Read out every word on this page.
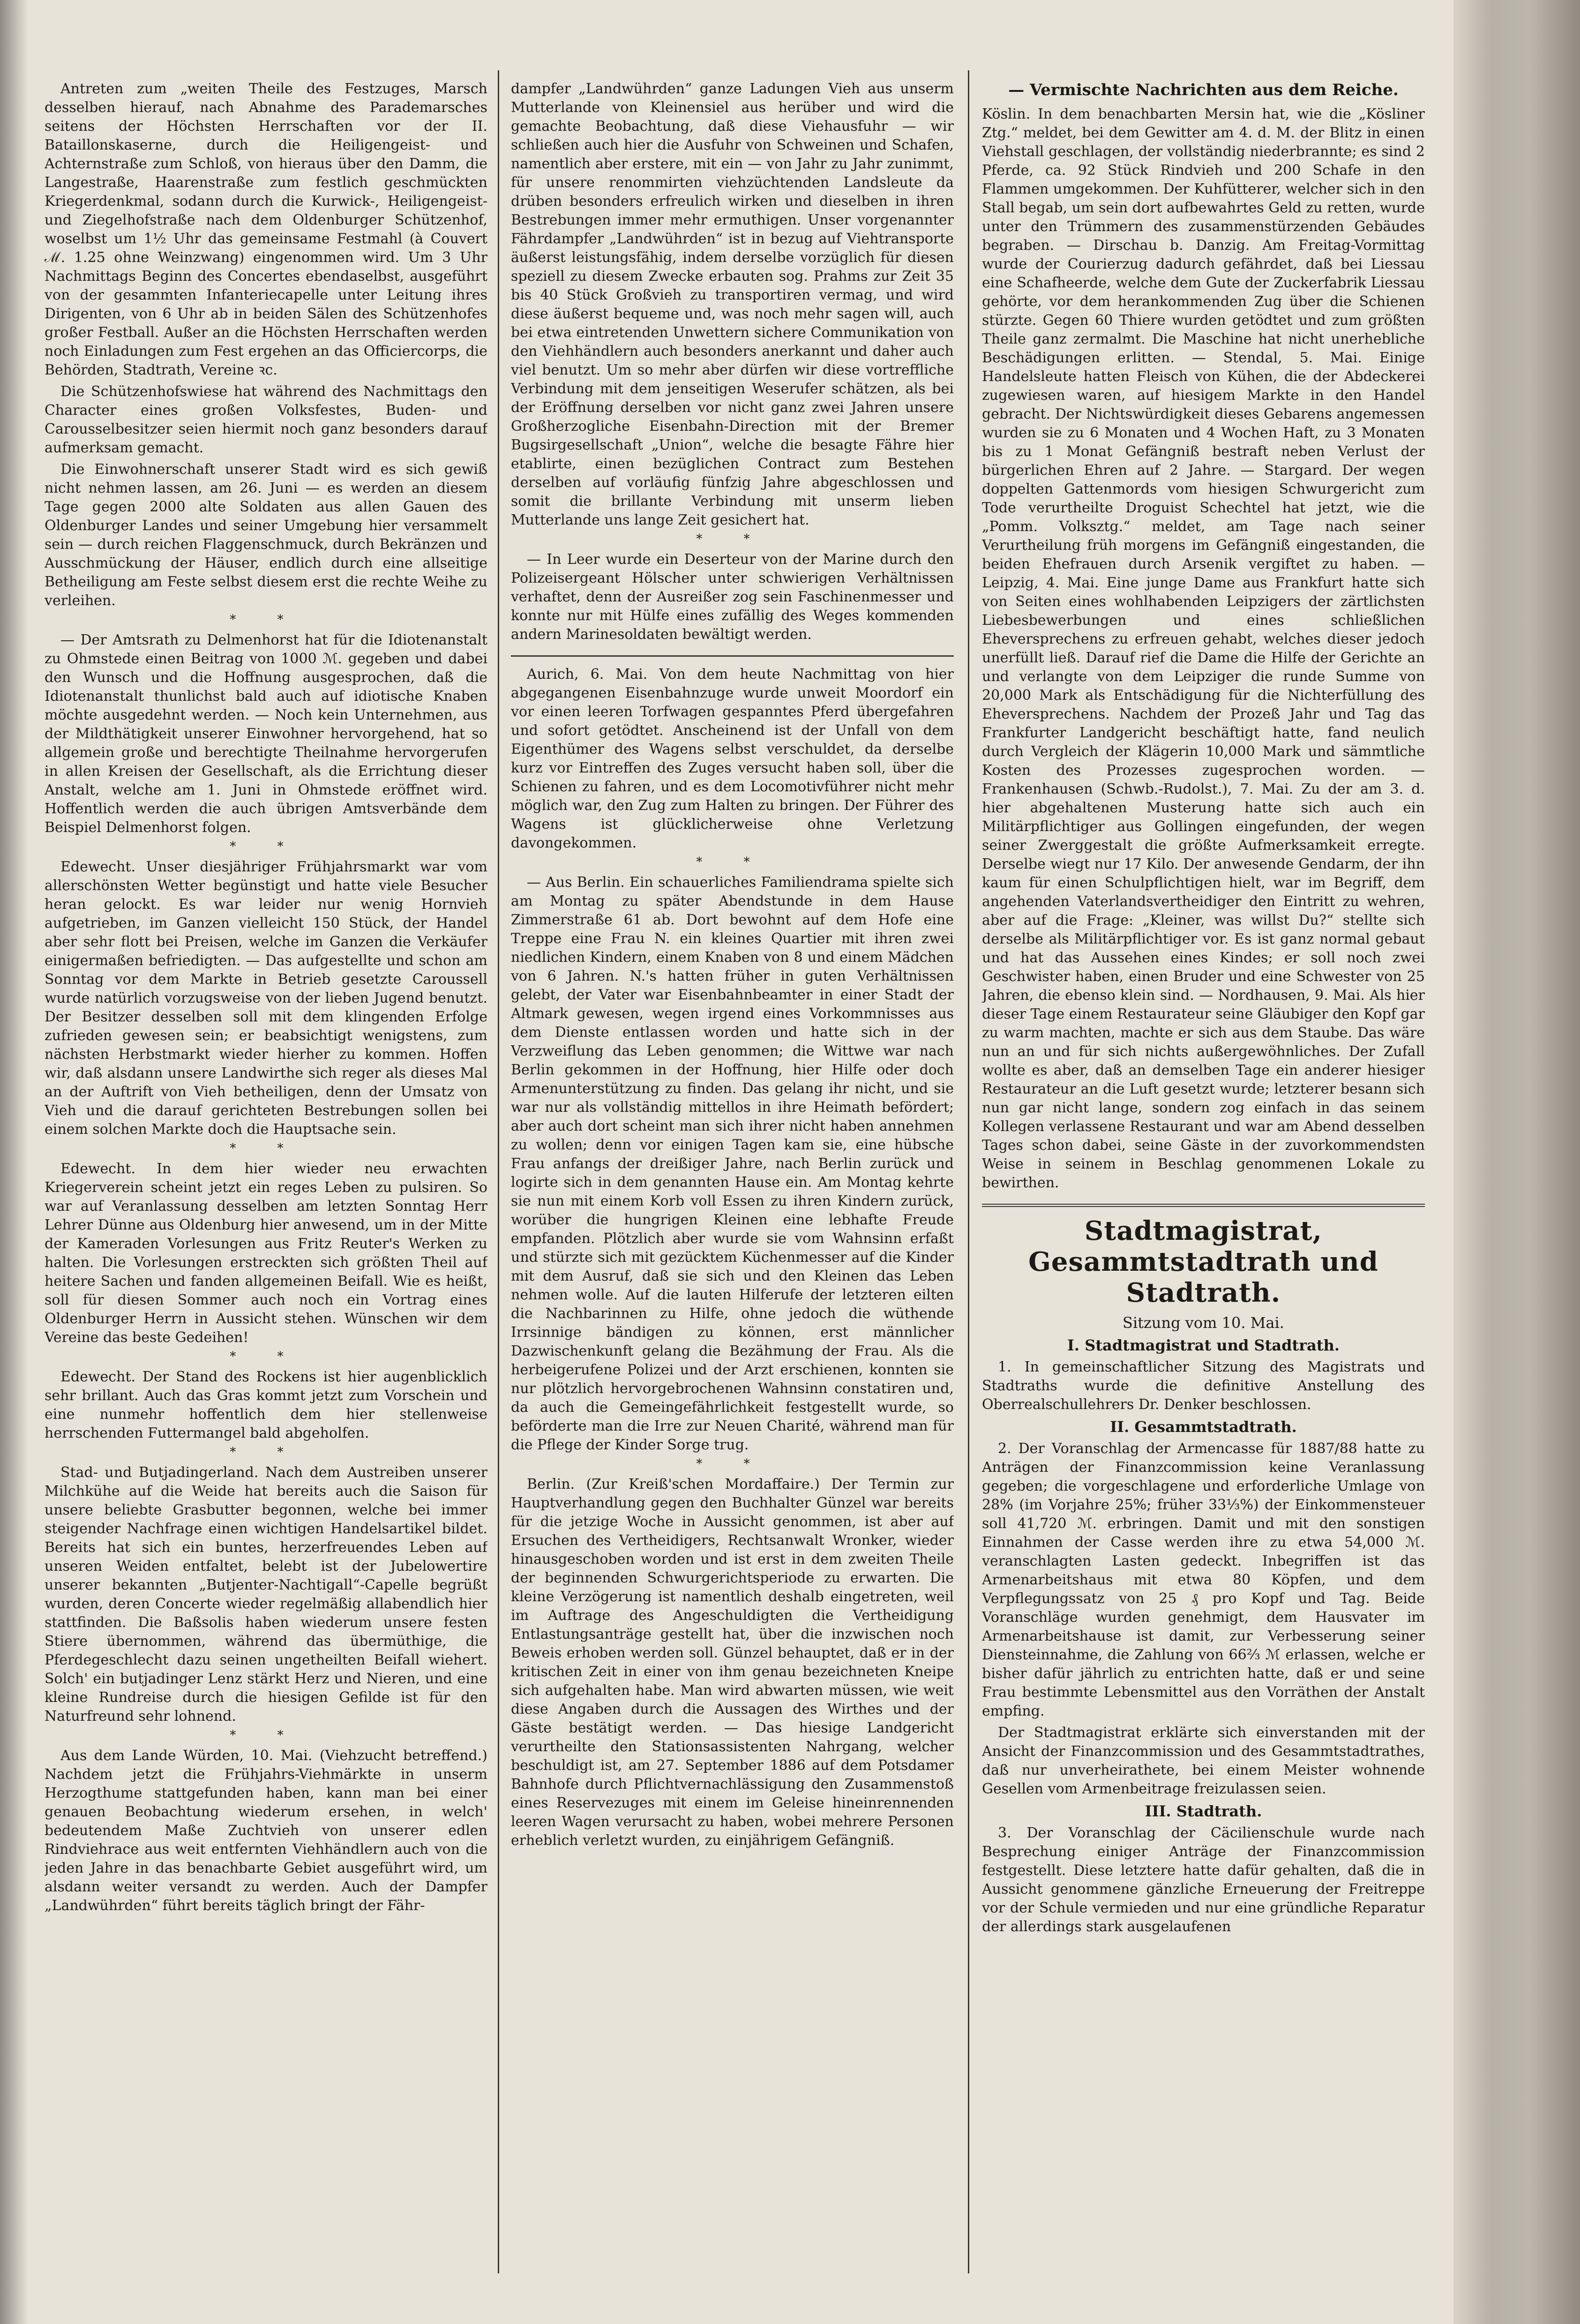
Antreten zum „weiten Theile des Festzuges, Marsch desselben hierauf, nach Abnahme des Parademarsches seitens der Höchsten Herrschaften vor der II. Bataillonskaserne, durch die Heiligengeist- und Achternstraße zum Schloß, von hieraus über den Damm, die Langestraße, Haarenstraße zum festlich geschmückten Kriegerdenkmal, sodann durch die Kurwick-, Heiligengeist- und Ziegelhofstraße nach dem Oldenburger Schützenhof, woselbst um 1½ Uhr das gemeinsame Festmahl (à Couvert ℳ. 1.25 ohne Weinzwang) eingenommen wird. Um 3 Uhr Nachmittags Beginn des Concertes ebendaselbst, ausgeführt von der gesammten Infanteriecapelle unter Leitung ihres Dirigenten, von 6 Uhr ab in beiden Sälen des Schützenhofes großer Festball. Außer an die Höchsten Herrschaften werden noch Einladungen zum Fest ergehen an das Officiercorps, die Behörden, Stadtrath, Vereine ꝛc.

Die Schützenhofswiese hat während des Nachmittags den Character eines großen Volksfestes, Buden- und Carousselbesitzer seien hiermit noch ganz besonders darauf aufmerksam gemacht.

Die Einwohnerschaft unserer Stadt wird es sich gewiß nicht nehmen lassen, am 26. Juni — es werden an diesem Tage gegen 2000 alte Soldaten aus allen Gauen des Oldenburger Landes und seiner Umgebung hier versammelt sein — durch reichen Flaggenschmuck, durch Bekränzen und Ausschmückung der Häuser, endlich durch eine allseitige Betheiligung am Feste selbst diesem erst die rechte Weihe zu verleihen.

* *

— Der Amtsrath zu Delmenhorst hat für die Idiotenanstalt zu Ohmstede einen Beitrag von 1000 ℳ. gegeben und dabei den Wunsch und die Hoffnung ausgesprochen, daß die Idiotenanstalt thunlichst bald auch auf idiotische Knaben möchte ausgedehnt werden. — Noch kein Unternehmen, aus der Mildthätigkeit unserer Einwohner hervorgehend, hat so allgemein große und berechtigte Theilnahme hervorgerufen in allen Kreisen der Gesellschaft, als die Errichtung dieser Anstalt, welche am 1. Juni in Ohmstede eröffnet wird. Hoffentlich werden die auch übrigen Amtsverbände dem Beispiel Delmenhorst folgen.

* *

Edewecht. Unser diesjähriger Frühjahrsmarkt war vom allerschönsten Wetter begünstigt und hatte viele Besucher heran gelockt. Es war leider nur wenig Hornvieh aufgetrieben, im Ganzen vielleicht 150 Stück, der Handel aber sehr flott bei Preisen, welche im Ganzen die Verkäufer einigermaßen befriedigten. — Das aufgestellte und schon am Sonntag vor dem Markte in Betrieb gesetzte Caroussell wurde natürlich vorzugsweise von der lieben Jugend benutzt. Der Besitzer desselben soll mit dem klingenden Erfolge zufrieden gewesen sein; er beabsichtigt wenigstens, zum nächsten Herbstmarkt wieder hierher zu kommen. Hoffen wir, daß alsdann unsere Landwirthe sich reger als dieses Mal an der Auftrift von Vieh betheiligen, denn der Umsatz von Vieh und die darauf gerichteten Bestrebungen sollen bei einem solchen Markte doch die Hauptsache sein.

* *

Edewecht. In dem hier wieder neu erwachten Kriegerverein scheint jetzt ein reges Leben zu pulsiren. So war auf Veranlassung desselben am letzten Sonntag Herr Lehrer Dünne aus Oldenburg hier anwesend, um in der Mitte der Kameraden Vorlesungen aus Fritz Reuter's Werken zu halten. Die Vorlesungen erstreckten sich größten Theil auf heitere Sachen und fanden allgemeinen Beifall. Wie es heißt, soll für diesen Sommer auch noch ein Vortrag eines Oldenburger Herrn in Aussicht stehen. Wünschen wir dem Vereine das beste Gedeihen!

* *

Edewecht. Der Stand des Rockens ist hier augenblicklich sehr brillant. Auch das Gras kommt jetzt zum Vorschein und eine nunmehr hoffentlich dem hier stellenweise herrschenden Futtermangel bald abgeholfen.

* *

Stad- und Butjadingerland. Nach dem Austreiben unserer Milchkühe auf die Weide hat bereits auch die Saison für unsere beliebte Grasbutter begonnen, welche bei immer steigender Nachfrage einen wichtigen Handelsartikel bildet. Bereits hat sich ein buntes, herzerfreuendes Leben auf unseren Weiden entfaltet, belebt ist der Jubelowertire unserer bekannten „Butjenter-Nachtigall“-Capelle begrüßt wurden, deren Concerte wieder regelmäßig allabendlich hier stattfinden. Die Baßsolis haben wiederum unsere festen Stiere übernommen, während das übermüthige, die Pferdegeschlecht dazu seinen ungetheilten Beifall wiehert. Solch' ein butjadinger Lenz stärkt Herz und Nieren, und eine kleine Rundreise durch die hiesigen Gefilde ist für den Naturfreund sehr lohnend.

* *

Aus dem Lande Würden, 10. Mai. (Viehzucht betreffend.) Nachdem jetzt die Frühjahrs-Viehmärkte in unserm Herzogthume stattgefunden haben, kann man bei einer genauen Beobachtung wiederum ersehen, in welch' bedeutendem Maße Zuchtvieh von unserer edlen Rindviehrace aus weit entfernten Viehhändlern auch von die jeden Jahre in das benachbarte Gebiet ausgeführt wird, um alsdann weiter versandt zu werden. Auch der Dampfer „Landwührden“ führt bereits täglich bringt der Fähr-

dampfer „Landwührden“ ganze Ladungen Vieh aus unserm Mutterlande von Kleinensiel aus herüber und wird die gemachte Beobachtung, daß diese Viehausfuhr — wir schließen auch hier die Ausfuhr von Schweinen und Schafen, namentlich aber erstere, mit ein — von Jahr zu Jahr zunimmt, für unsere renommirten viehzüchtenden Landsleute da drüben besonders erfreulich wirken und dieselben in ihren Bestrebungen immer mehr ermuthigen. Unser vorgenannter Fährdampfer „Landwührden“ ist in bezug auf Viehtransporte äußerst leistungsfähig, indem derselbe vorzüglich für diesen speziell zu diesem Zwecke erbauten sog. Prahms zur Zeit 35 bis 40 Stück Großvieh zu transportiren vermag, und wird diese äußerst bequeme und, was noch mehr sagen will, auch bei etwa eintretenden Unwettern sichere Communikation von den Viehhändlern auch besonders anerkannt und daher auch viel benutzt. Um so mehr aber dürfen wir diese vortreffliche Verbindung mit dem jenseitigen Weserufer schätzen, als bei der Eröffnung derselben vor nicht ganz zwei Jahren unsere Großherzogliche Eisenbahn-Direction mit der Bremer Bugsirgesellschaft „Union“, welche die besagte Fähre hier etablirte, einen bezüglichen Contract zum Bestehen derselben auf vorläufig fünfzig Jahre abgeschlossen und somit die brillante Verbindung mit unserm lieben Mutterlande uns lange Zeit gesichert hat.

* *

— In Leer wurde ein Deserteur von der Marine durch den Polizeisergeant Hölscher unter schwierigen Verhältnissen verhaftet, denn der Ausreißer zog sein Faschinenmesser und konnte nur mit Hülfe eines zufällig des Weges kommenden andern Marinesoldaten bewältigt werden.

Aurich, 6. Mai. Von dem heute Nachmittag von hier abgegangenen Eisenbahnzuge wurde unweit Moordorf ein vor einen leeren Torfwagen gespanntes Pferd übergefahren und sofort getödtet. Anscheinend ist der Unfall von dem Eigenthümer des Wagens selbst verschuldet, da derselbe kurz vor Eintreffen des Zuges versucht haben soll, über die Schienen zu fahren, und es dem Locomotivführer nicht mehr möglich war, den Zug zum Halten zu bringen. Der Führer des Wagens ist glücklicherweise ohne Verletzung davongekommen.

* *

— Aus Berlin. Ein schauerliches Familiendrama spielte sich am Montag zu später Abendstunde in dem Hause Zimmerstraße 61 ab. Dort bewohnt auf dem Hofe eine Treppe eine Frau N. ein kleines Quartier mit ihren zwei niedlichen Kindern, einem Knaben von 8 und einem Mädchen von 6 Jahren. N.'s hatten früher in guten Verhältnissen gelebt, der Vater war Eisenbahnbeamter in einer Stadt der Altmark gewesen, wegen irgend eines Vorkommnisses aus dem Dienste entlassen worden und hatte sich in der Verzweiflung das Leben genommen; die Wittwe war nach Berlin gekommen in der Hoffnung, hier Hilfe oder doch Armenunterstützung zu finden. Das gelang ihr nicht, und sie war nur als vollständig mittellos in ihre Heimath befördert; aber auch dort scheint man sich ihrer nicht haben annehmen zu wollen; denn vor einigen Tagen kam sie, eine hübsche Frau anfangs der dreißiger Jahre, nach Berlin zurück und logirte sich in dem genannten Hause ein. Am Montag kehrte sie nun mit einem Korb voll Essen zu ihren Kindern zurück, worüber die hungrigen Kleinen eine lebhafte Freude empfanden. Plötzlich aber wurde sie vom Wahnsinn erfaßt und stürzte sich mit gezücktem Küchenmesser auf die Kinder mit dem Ausruf, daß sie sich und den Kleinen das Leben nehmen wolle. Auf die lauten Hilferufe der letzteren eilten die Nachbarinnen zu Hilfe, ohne jedoch die wüthende Irrsinnige bändigen zu können, erst männlicher Dazwischenkunft gelang die Bezähmung der Frau. Als die herbeigerufene Polizei und der Arzt erschienen, konnten sie nur plötzlich hervorgebrochenen Wahnsinn constatiren und, da auch die Gemeingefährlichkeit festgestellt wurde, so beförderte man die Irre zur Neuen Charité, während man für die Pflege der Kinder Sorge trug.

* *

Berlin. (Zur Kreiß'schen Mordaffaire.) Der Termin zur Hauptverhandlung gegen den Buchhalter Günzel war bereits für die jetzige Woche in Aussicht genommen, ist aber auf Ersuchen des Vertheidigers, Rechtsanwalt Wronker, wieder hinausgeschoben worden und ist erst in dem zweiten Theile der beginnenden Schwurgerichtsperiode zu erwarten. Die kleine Verzögerung ist namentlich deshalb eingetreten, weil im Auftrage des Angeschuldigten die Vertheidigung Entlastungsanträge gestellt hat, über die inzwischen noch Beweis erhoben werden soll. Günzel behauptet, daß er in der kritischen Zeit in einer von ihm genau bezeichneten Kneipe sich aufgehalten habe. Man wird abwarten müssen, wie weit diese Angaben durch die Aussagen des Wirthes und der Gäste bestätigt werden. — Das hiesige Landgericht verurtheilte den Stationsassistenten Nahrgang, welcher beschuldigt ist, am 27. September 1886 auf dem Potsdamer Bahnhofe durch Pflichtvernachlässigung den Zusammenstoß eines Reservezuges mit einem im Geleise hineinrennenden leeren Wagen verursacht zu haben, wobei mehrere Personen erheblich verletzt wurden, zu einjährigem Gefängniß.

— Vermischte Nachrichten aus dem Reiche.

Köslin. In dem benachbarten Mersin hat, wie die „Kösliner Ztg.“ meldet, bei dem Gewitter am 4. d. M. der Blitz in einen Viehstall geschlagen, der vollständig niederbrannte; es sind 2 Pferde, ca. 92 Stück Rindvieh und 200 Schafe in den Flammen umgekommen. Der Kuhfütterer, welcher sich in den Stall begab, um sein dort aufbewahrtes Geld zu retten, wurde unter den Trümmern des zusammenstürzenden Gebäudes begraben. — Dirschau b. Danzig. Am Freitag-Vormittag wurde der Courierzug dadurch gefährdet, daß bei Liessau eine Schafheerde, welche dem Gute der Zuckerfabrik Liessau gehörte, vor dem herankommenden Zug über die Schienen stürzte. Gegen 60 Thiere wurden getödtet und zum größten Theile ganz zermalmt. Die Maschine hat nicht unerhebliche Beschädigungen erlitten. — Stendal, 5. Mai. Einige Handelsleute hatten Fleisch von Kühen, die der Abdeckerei zugewiesen waren, auf hiesigem Markte in den Handel gebracht. Der Nichtswürdigkeit dieses Gebarens angemessen wurden sie zu 6 Monaten und 4 Wochen Haft, zu 3 Monaten bis zu 1 Monat Gefängniß bestraft neben Verlust der bürgerlichen Ehren auf 2 Jahre. — Stargard. Der wegen doppelten Gattenmords vom hiesigen Schwurgericht zum Tode verurtheilte Droguist Schechtel hat jetzt, wie die „Pomm. Volksztg.“ meldet, am Tage nach seiner Verurtheilung früh morgens im Gefängniß eingestanden, die beiden Ehefrauen durch Arsenik vergiftet zu haben. — Leipzig, 4. Mai. Eine junge Dame aus Frankfurt hatte sich von Seiten eines wohlhabenden Leipzigers der zärtlichsten Liebesbewerbungen und eines schließlichen Eheversprechens zu erfreuen gehabt, welches dieser jedoch unerfüllt ließ. Darauf rief die Dame die Hilfe der Gerichte an und verlangte von dem Leipziger die runde Summe von 20,000 Mark als Entschädigung für die Nichterfüllung des Eheversprechens. Nachdem der Prozeß Jahr und Tag das Frankfurter Landgericht beschäftigt hatte, fand neulich durch Vergleich der Klägerin 10,000 Mark und sämmtliche Kosten des Prozesses zugesprochen worden. — Frankenhausen (Schwb.-Rudolst.), 7. Mai. Zu der am 3. d. hier abgehaltenen Musterung hatte sich auch ein Militärpflichtiger aus Gollingen eingefunden, der wegen seiner Zwerggestalt die größte Aufmerksamkeit erregte. Derselbe wiegt nur 17 Kilo. Der anwesende Gendarm, der ihn kaum für einen Schulpflichtigen hielt, war im Begriff, dem angehenden Vaterlandsvertheidiger den Eintritt zu wehren, aber auf die Frage: „Kleiner, was willst Du?“ stellte sich derselbe als Militärpflichtiger vor. Es ist ganz normal gebaut und hat das Aussehen eines Kindes; er soll noch zwei Geschwister haben, einen Bruder und eine Schwester von 25 Jahren, die ebenso klein sind. — Nordhausen, 9. Mai. Als hier dieser Tage einem Restaurateur seine Gläubiger den Kopf gar zu warm machten, machte er sich aus dem Staube. Das wäre nun an und für sich nichts außergewöhnliches. Der Zufall wollte es aber, daß an demselben Tage ein anderer hiesiger Restaurateur an die Luft gesetzt wurde; letzterer besann sich nun gar nicht lange, sondern zog einfach in das seinem Kollegen verlassene Restaurant und war am Abend desselben Tages schon dabei, seine Gäste in der zuvorkommendsten Weise in seinem in Beschlag genommenen Lokale zu bewirthen.

Stadtmagistrat, Gesammtstadtrath und Stadtrath.
Sitzung vom 10. Mai.
I. Stadtmagistrat und Stadtrath.

1. In gemeinschaftlicher Sitzung des Magistrats und Stadtraths wurde die definitive Anstellung des Oberrealschullehrers Dr. Denker beschlossen.

II. Gesammtstadtrath.

2. Der Voranschlag der Armencasse für 1887/88 hatte zu Anträgen der Finanzcommission keine Veranlassung gegeben; die vorgeschlagene und erforderliche Umlage von 28% (im Vorjahre 25%; früher 33⅓%) der Einkommensteuer soll 41,720 ℳ. erbringen. Damit und mit den sonstigen Einnahmen der Casse werden ihre zu etwa 54,000 ℳ. veranschlagten Lasten gedeckt. Inbegriffen ist das Armenarbeitshaus mit etwa 80 Köpfen, und dem Verpflegungssatz von 25 ₰ pro Kopf und Tag. Beide Voranschläge wurden genehmigt, dem Hausvater im Armenarbeitshause ist damit, zur Verbesserung seiner Diensteinnahme, die Zahlung von 66⅔ ℳ erlassen, welche er bisher dafür jährlich zu entrichten hatte, daß er und seine Frau bestimmte Lebensmittel aus den Vorräthen der Anstalt empfing.

Der Stadtmagistrat erklärte sich einverstanden mit der Ansicht der Finanzcommission und des Gesammtstadtrathes, daß nur unverheirathete, bei einem Meister wohnende Gesellen vom Armenbeitrage freizulassen seien.

III. Stadtrath.

3. Der Voranschlag der Cäcilienschule wurde nach Besprechung einiger Anträge der Finanzcommission festgestellt. Diese letztere hatte dafür gehalten, daß die in Aussicht genommene gänzliche Erneuerung der Freitreppe vor der Schule vermieden und nur eine gründliche Reparatur der allerdings stark ausgelaufenen
